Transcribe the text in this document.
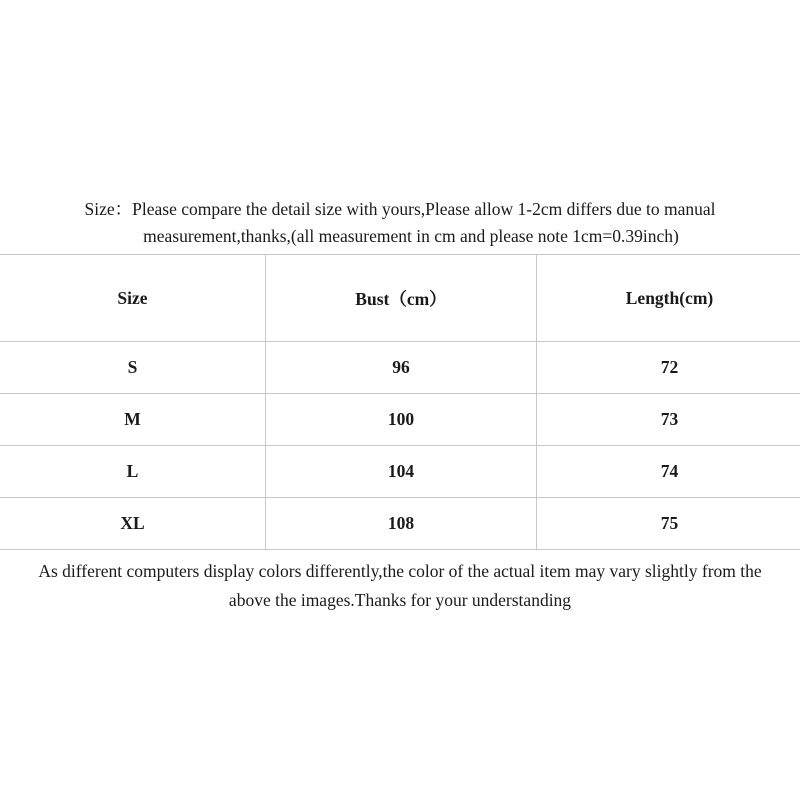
Size：Please compare the detail size with yours,Please allow 1-2cm differs due to manual
measurement,thanks,(all measurement in cm and please note 1cm=0.39inch)
Size	Bust（cm）	Length(cm)
S	96	72
M	100	73
L	104	74
XL	108	75
As different computers display colors differently,the color of the actual item may vary slightly from the
above the images.Thanks for your understanding
